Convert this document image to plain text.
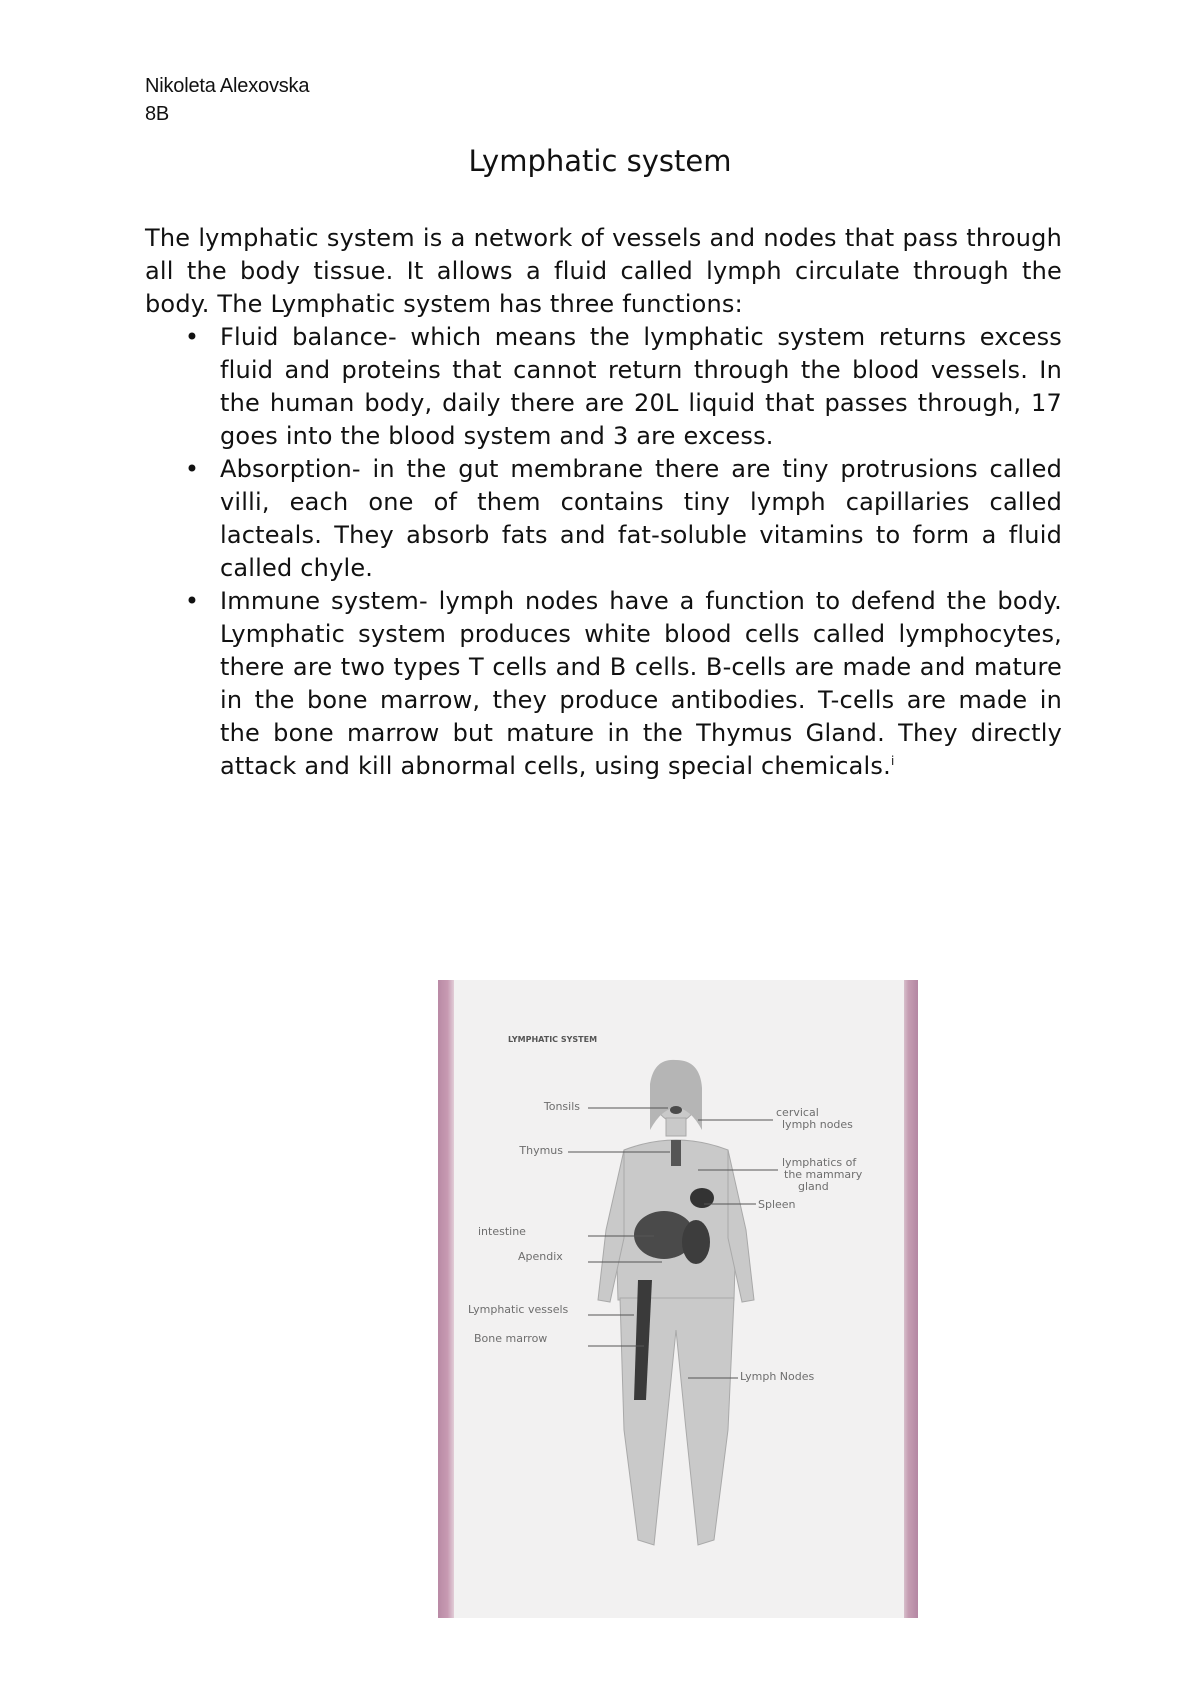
Nikoleta Alexovska
8B
Lymphatic system

The lymphatic system is a network of vessels and nodes that pass through all the body tissue. It allows a fluid called lymph circulate through the body. The Lymphatic system has three functions:

• Fluid balance- which means the lymphatic system returns excess fluid and proteins that cannot return through the blood vessels. In the human body, daily there are 20L liquid that passes through, 17 goes into the blood system and 3 are excess.
• Absorption- in the gut membrane there are tiny protrusions called villi, each one of them contains tiny lymph capillaries called lacteals. They absorb fats and fat-soluble vitamins to form a fluid called chyle.
• Immune system- lymph nodes have a function to defend the body. Lymphatic system produces white blood cells called lymphocytes, there are two types T cells and B cells. B-cells are made and mature in the bone marrow, they produce antibodies. T-cells are made in the bone marrow but mature in the Thymus Gland. They directly attack and kill abnormal cells, using special chemicals.$^i$
LYMPHATIC SYSTEM
Tonsils
Thymus
intestine
Apendix
Lymphatic vessels
Bone marrow
cervical
lymph nodes
lymphatics of
the mammary
gland
Spleen
Lymph Nodes
